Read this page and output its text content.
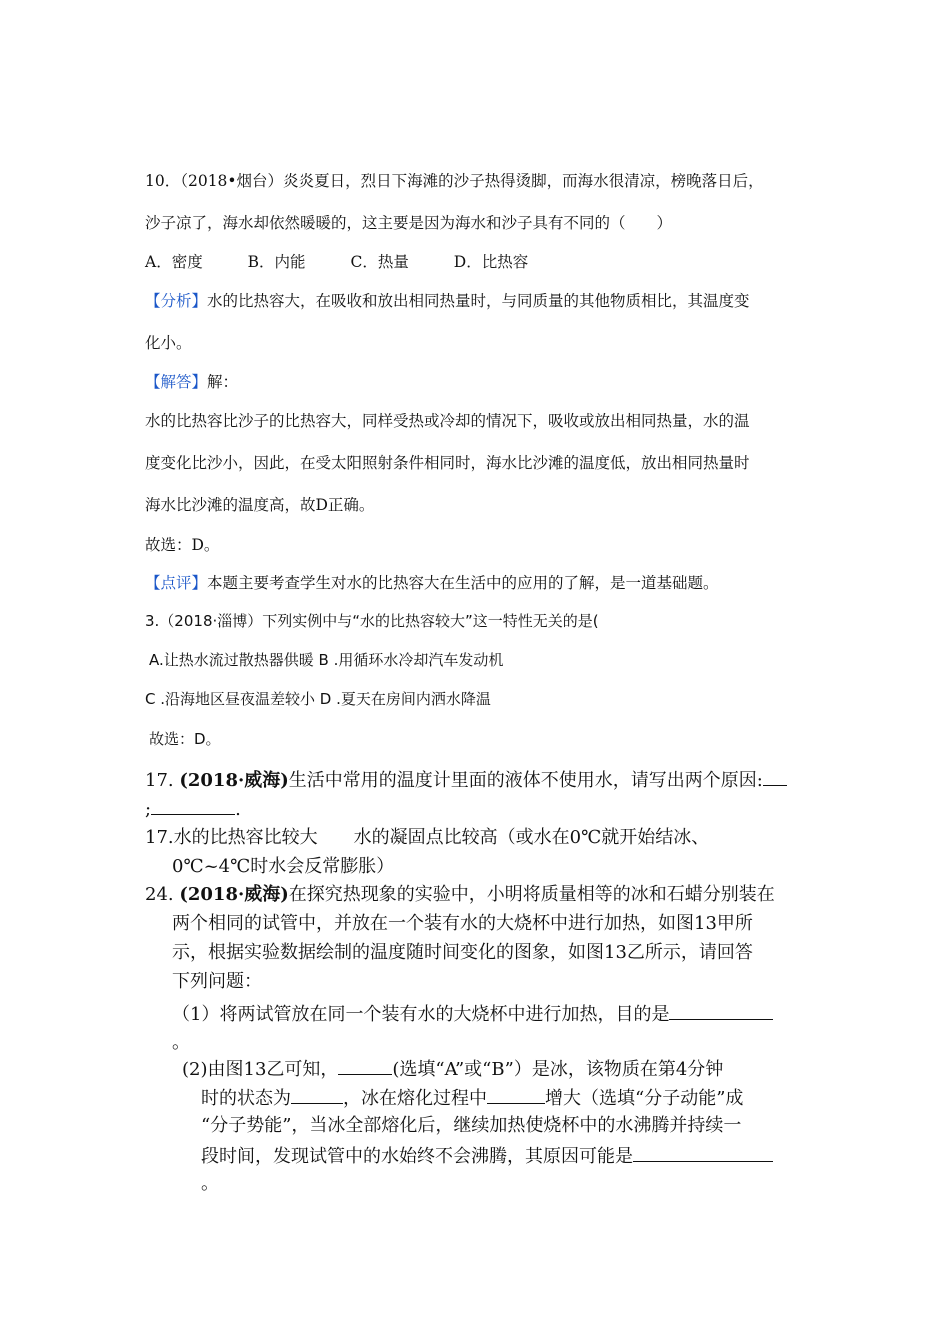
10．（2018•烟台）炎炎夏日，烈日下海滩的沙子热得烫脚，而海水很清凉，榜晚落日后，
沙子凉了，海水却依然暖暖的，这主要是因为海水和沙子具有不同的（　　）
A．密度	B．内能	C．热量	D．比热容
【分析】水的比热容大，在吸收和放出相同热量时，与同质量的其他物质相比，其温度变
化小。
【解答】解：
水的比热容比沙子的比热容大，同样受热或冷却的情况下，吸收或放出相同热量，水的温
度变化比沙小，因此，在受太阳照射条件相同时，海水比沙滩的温度低，放出相同热量时
海水比沙滩的温度高，故D正确。
故选：D。
【点评】本题主要考查学生对水的比热容大在生活中的应用的了解，是一道基础题。
3.（2018·淄博）下列实例中与“水的比热容较大”这一特性无关的是(
A.让热水流过散热器供暖 B .用循环水冷却汽车发动机
C .沿海地区昼夜温差较小 D .夏天在房间内洒水降温
故选：D。
17. (2018·威海)生活中常用的温度计里面的液体不使用水，请写出两个原因:
;	.
17.水的比热容比较大　　水的凝固点比较高（或水在0℃就开始结冰、
0℃~4℃时水会反常膨胀）
24. (2018·威海)在探究热现象的实验中，小明将质量相等的冰和石蜡分别装在
两个相同的试管中，并放在一个装有水的大烧杯中进行加热，如图13甲所
示，根据实验数据绘制的温度随时间变化的图象，如图13乙所示，请回答
下列问题：
（1）将两试管放在同一个装有水的大烧杯中进行加热，目的是
。
(2)由图13乙可知，	(选填“A”或“B”）是冰，该物质在第4分钟
时的状态为	，冰在熔化过程中	增大（选填“分子动能”成
“分子势能”，当冰全部熔化后，继续加热使烧杯中的水沸腾并持续一
段时间，发现试管中的水始终不会沸腾，其原因可能是
。
